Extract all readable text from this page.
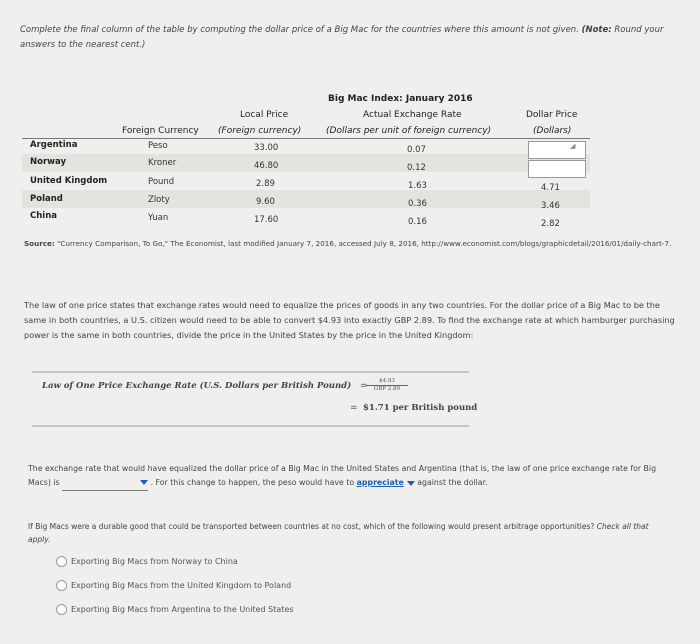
Complete the final column of the table by computing the dollar price of a Big Mac for the countries where this amount is not given. (Note: Round your answers to the nearest cent.)
Big Mac Index: January 2016
Local Price
(Foreign currency)
Foreign Currency
Actual Exchange Rate
(Dollars per unit of foreign currency)
Dollar Price
(Dollars)
Argentina	Peso	33.00	0.07	◢
Norway	Kroner	46.80	0.12
United Kingdom	Pound	2.89	1.63	4.71
Poland	Zloty	9.60	0.36	3.46
China	Yuan	17.60	0.16	2.82
Source: "Currency Comparison, To Go," The Economist, last modified January 7, 2016, accessed July 8, 2016, http://www.economist.com/blogs/graphicdetail/2016/01/daily-chart-7.
The law of one price states that exchange rates would need to equalize the prices of goods in any two countries. For the dollar price of a Big Mac to be the same in both countries, a U.S. citizen would need to be able to convert $4.93 into exactly GBP 2.89. To find the exchange rate at which hamburger purchasing power is the same in both countries, divide the price in the United States by the price in the United Kingdom:
Law of One Price Exchange Rate (U.S. Dollars per British Pound) =	$4.93
GBP 2.89
= $1.71 per British pound
The exchange rate that would have equalized the dollar price of a Big Mac in the United States and Argentina (that is, the law of one price exchange rate for Big Macs) is	. For this change to happen, the peso would have to appreciate against the dollar.
If Big Macs were a durable good that could be transported between countries at no cost, which of the following would present arbitrage opportunities? Check all that apply.
Exporting Big Macs from Norway to China
Exporting Big Macs from the United Kingdom to Poland
Exporting Big Macs from Argentina to the United States
